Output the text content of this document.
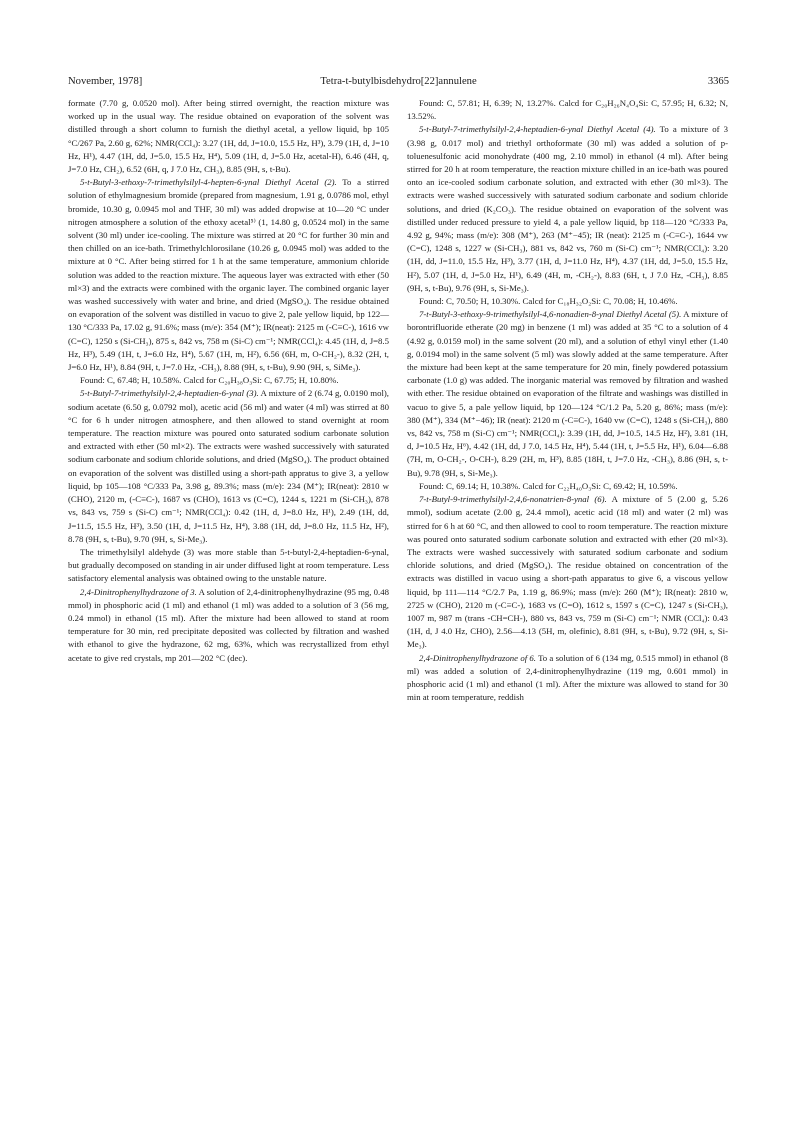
November, 1978]	Tetra-t-butylbisdehydro[22]annulene	3365

formate (7.70 g, 0.0520 mol). After being stirred overnight, the reaction mixture was worked up in the usual way. The residue obtained on evaporation of the solvent was distilled through a short column to furnish the diethyl acetal, a yellow liquid, bp 105 °C/267 Pa, 2.60 g, 62%; NMR(CCl₄): 3.27 (1H, dd, J=10.0, 15.5 Hz, H³), 3.79 (1H, d, J=10 Hz, H¹), 4.47 (1H, dd, J=5.0, 15.5 Hz, H⁴), 5.09 (1H, d, J=5.0 Hz, acetal-H), 6.46 (4H, q, J=7.0 Hz, CH₂), 6.52 (6H, q, J 7.0 Hz, CH₃), 8.85 (9H, s, t-Bu).

5-t-Butyl-3-ethoxy-7-trimethylsilyl-4-hepten-6-ynal Diethyl Acetal (2). To a stirred solution of ethylmagnesium bromide (prepared from magnesium, 1.91 g, 0.0786 mol, ethyl bromide, 10.30 g, 0.0945 mol and THF, 30 ml) was added dropwise at 10—20 °C under nitrogen atmosphere a solution of the ethoxy acetal⁵⁾ (1, 14.80 g, 0.0524 mol) in the same solvent (30 ml) under ice-cooling. The mixture was stirred at 20 °C for further 30 min and then chilled on an ice-bath. Trimethylchlorosilane (10.26 g, 0.0945 mol) was added to the mixture at 0 °C. After being stirred for 1 h at the same temperature, ammonium chloride solution was added to the reaction mixture. The aqueous layer was extracted with ether (50 ml×3) and the extracts were combined with the organic layer. The combined organic layer was washed successively with water and brine, and dried (MgSO₄). The residue obtained on evaporation of the solvent was distilled in vacuo to give 2, pale yellow liquid, bp 122—130 °C/333 Pa, 17.02 g, 91.6%; mass (m/e): 354 (M⁺); IR(neat): 2125 m (-C≡C-), 1616 vw (C=C), 1250 s (Si-CH₃), 875 s, 842 vs, 758 m (Si-C) cm⁻¹; NMR(CCl₄): 4.45 (1H, d, J=8.5 Hz, H³), 5.49 (1H, t, J=6.0 Hz, H⁴), 5.67 (1H, m, H²), 6.56 (6H, m, O-CH₂-), 8.32 (2H, t, J=6.0 Hz, H¹), 8.84 (9H, t, J=7.0 Hz, -CH₃), 8.88 (9H, s, t-Bu), 9.90 (9H, s, SiMe₃).

Found: C, 67.48; H, 10.58%. Calcd for C₂₀H₃₈O₃Si: C, 67.75; H, 10.80%.

5-t-Butyl-7-trimethylsilyl-2,4-heptadien-6-ynal (3). A mixture of 2 (6.74 g, 0.0190 mol), sodium acetate (6.50 g, 0.0792 mol), acetic acid (56 ml) and water (4 ml) was stirred at 80 °C for 6 h under nitrogen atmosphere, and then allowed to stand overnight at room temperature. The reaction mixture was poured onto saturated sodium carbonate solution and extracted with ether (50 ml×2). The extracts were washed successively with saturated sodium carbonate and sodium chloride solutions, and dried (MgSO₄). The product obtained on evaporation of the solvent was distilled using a short-path appratus to give 3, a yellow liquid, bp 105—108 °C/333 Pa, 3.98 g, 89.3%; mass (m/e): 234 (M⁺); IR(neat): 2810 w (CHO), 2120 m, (-C≡C-), 1687 vs (CHO), 1613 vs (C=C), 1244 s, 1221 m (Si-CH₃), 878 vs, 843 vs, 759 s (Si-C) cm⁻¹; NMR(CCl₄): 0.42 (1H, d, J=8.0 Hz, H¹), 2.49 (1H, dd, J=11.5, 15.5 Hz, H³), 3.50 (1H, d, J=11.5 Hz, H⁴), 3.88 (1H, dd, J=8.0 Hz, 11.5 Hz, H²), 8.78 (9H, s, t-Bu), 9.70 (9H, s, Si-Me₃).

The trimethylsilyl aldehyde (3) was more stable than 5-t-butyl-2,4-heptadien-6-ynal, but gradually decomposed on standing in air under diffused light at room temperature. Less satisfactory elemental analysis was obtained owing to the unstable nature.

2,4-Dinitrophenylhydrazone of 3. A solution of 2,4-dinitrophenylhydrazine (95 mg, 0.48 mmol) in phosphoric acid (1 ml) and ethanol (1 ml) was added to a solution of 3 (56 mg, 0.24 mmol) in ethanol (15 ml). After the mixture had been allowed to stand at room temperature for 30 min, red precipitate deposited was collected by filtration and washed with ethanol to give the hydrazone, 62 mg, 63%, which was recrystallized from ethyl acetate to give red crystals, mp 201—202 °C (dec).

Found: C, 57.81; H, 6.39; N, 13.27%. Calcd for C₂₀H₂₆N₄O₄Si: C, 57.95; H, 6.32; N, 13.52%.

5-t-Butyl-7-trimethylsilyl-2,4-heptadien-6-ynal Diethyl Acetal (4). To a mixture of 3 (3.98 g, 0.017 mol) and triethyl orthoformate (30 ml) was added a solution of p-toluenesulfonic acid monohydrate (400 mg, 2.10 mmol) in ethanol (4 ml). After being stirred for 20 h at room temperature, the reaction mixture chilled in an ice-bath was poured onto an ice-cooled sodium carbonate solution, and extracted with ether (30 ml×3). The extracts were washed successively with saturated sodium carbonate and sodium chloride solutions, and dried (K₂CO₃). The residue obtained on evaporation of the solvent was distilled under reduced pressure to yield 4, a pale yellow liquid, bp 118—120 °C/333 Pa, 4.92 g, 94%; mass (m/e): 308 (M⁺), 263 (M⁺−45); IR (neat): 2125 m (-C≡C-), 1644 vw (C=C), 1248 s, 1227 w (Si-CH₃), 881 vs, 842 vs, 760 m (Si-C) cm⁻¹; NMR(CCl₄): 3.20 (1H, dd, J=11.0, 15.5 Hz, H³), 3.77 (1H, d, J=11.0 Hz, H⁴), 4.37 (1H, dd, J=5.0, 15.5 Hz, H²), 5.07 (1H, d, J=5.0 Hz, H¹), 6.49 (4H, m, -CH₂-), 8.83 (6H, t, J 7.0 Hz, -CH₃), 8.85 (9H, s, t-Bu), 9.76 (9H, s, Si-Me₃).

Found: C, 70.50; H, 10.30%. Calcd for C₁₈H₃₂O₂Si: C, 70.08; H, 10.46%.

7-t-Butyl-3-ethoxy-9-trimethylsilyl-4,6-nonadien-8-ynal Diethyl Acetal (5). A mixture of borontrifluoride etherate (20 mg) in benzene (1 ml) was added at 35 °C to a solution of 4 (4.92 g, 0.0159 mol) in the same solvent (20 ml), and a solution of ethyl vinyl ether (1.40 g, 0.0194 mol) in the same solvent (5 ml) was slowly added at the same temperature. After the mixture had been kept at the same temperature for 20 min, finely powdered potassium carbonate (1.0 g) was added. The inorganic material was removed by filtration and washed with ether. The residue obtained on evaporation of the filtrate and washings was distilled in vacuo to give 5, a pale yellow liquid, bp 120—124 °C/1.2 Pa, 5.20 g, 86%; mass (m/e): 380 (M⁺), 334 (M⁺−46); IR (neat): 2120 m (-C≡C-), 1640 vw (C=C), 1248 s (Si-CH₃), 880 vs, 842 vs, 758 m (Si-C) cm⁻¹; NMR(CCl₄): 3.39 (1H, dd, J=10.5, 14.5 Hz, H²), 3.81 (1H, d, J=10.5 Hz, H⁶), 4.42 (1H, dd, J 7.0, 14.5 Hz, H⁴), 5.44 (1H, t, J=5.5 Hz, H¹), 6.04—6.88 (7H, m, O-CH₂-, O-CH-), 8.29 (2H, m, H³), 8.85 (18H, t, J=7.0 Hz, -CH₃), 8.86 (9H, s, t-Bu), 9.78 (9H, s, Si-Me₃).

Found: C, 69.14; H, 10.38%. Calcd for C₂₂H₄₀O₃Si: C, 69.42; H, 10.59%.

7-t-Butyl-9-trimethylsilyl-2,4,6-nonatrien-8-ynal (6). A mixture of 5 (2.00 g, 5.26 mmol), sodium acetate (2.00 g, 24.4 mmol), acetic acid (18 ml) and water (2 ml) was stirred for 6 h at 60 °C, and then allowed to cool to room temperature. The reaction mixture was poured onto saturated sodium carbonate solution and extracted with ether (20 ml×3). The extracts were washed successively with saturated sodium carbonate and sodium chloride solutions, and dried (MgSO₄). The residue obtained on concentration of the extracts was distilled in vacuo using a short-path apparatus to give 6, a viscous yellow liquid, bp 111—114 °C/2.7 Pa, 1.19 g, 86.9%; mass (m/e): 260 (M⁺); IR(neat): 2810 w, 2725 w (CHO), 2120 m (-C≡C-), 1683 vs (C=O), 1612 s, 1597 s (C=C), 1247 s (Si-CH₃), 1007 m, 987 m (trans -CH=CH-), 880 vs, 843 vs, 759 m (Si-C) cm⁻¹; NMR (CCl₄): 0.43 (1H, d, J 4.0 Hz, CHO), 2.56—4.13 (5H, m, olefinic), 8.81 (9H, s, t-Bu), 9.72 (9H, s, Si-Me₃).

2,4-Dinitrophenylhydrazone of 6. To a solution of 6 (134 mg, 0.515 mmol) in ethanol (8 ml) was added a solution of 2,4-dinitrophenylhydrazine (119 mg, 0.601 mmol) in phosphoric acid (1 ml) and ethanol (1 ml). After the mixture was allowed to stand for 30 min at room temperature, reddish
